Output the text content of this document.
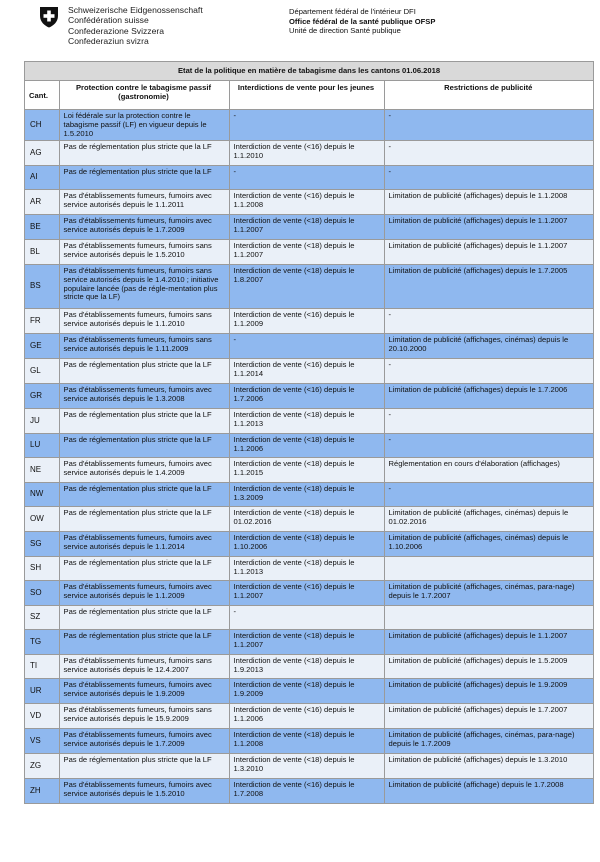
Schweizerische Eidgenossenschaft
Confédération suisse
Confederazione Svizzera
Confederaziun svizra
Département fédéral de l'intérieur DFI
Office fédéral de la santé publique OFSP
Unité de direction Santé publique
Etat de la politique en matière de tabagisme dans les cantons 01.06.2018			
Cant.	Protection contre le tabagisme passif (gastronomie)	Interdictions de vente pour les jeunes	Restrictions de publicité
CH	Loi fédérale sur la protection contre le tabagisme passif (LF) en vigueur depuis le 1.5.2010	-	-
AG	Pas de réglementation plus stricte que la LF	Interdiction de vente (<16) depuis le 1.1.2010	-
AI	Pas de réglementation plus stricte que la LF	-	-
AR	Pas d'établissements fumeurs, fumoirs avec service autorisés depuis le 1.1.2011	Interdiction de vente (<16) depuis le 1.1.2008	Limitation de publicité (affichages) depuis le 1.1.2008
BE	Pas d'établissements fumeurs, fumoirs avec service autorisés depuis le 1.7.2009	Interdiction de vente (<18) depuis le 1.1.2007	Limitation de publicité (affichages) depuis le 1.1.2007
BL	Pas d'établissements fumeurs, fumoirs sans service autorisés depuis le 1.5.2010	Interdiction de vente (<18) depuis le 1.1.2007	Limitation de publicité (affichages) depuis le 1.1.2007
BS	Pas d'établissements fumeurs, fumoirs sans service autorisés depuis le 1.4.2010 ; initiative populaire lancée (pas de régle-mentation plus stricte que la LF)	Interdiction de vente (<18) depuis le 1.8.2007	Limitation de publicité (affichages) depuis le 1.7.2005
FR	Pas d'établissements fumeurs, fumoirs sans service autorisés depuis le 1.1.2010	Interdiction de vente (<16) depuis le 1.1.2009	-
GE	Pas d'établissements fumeurs, fumoirs sans service autorisés depuis le 1.11.2009	-	Limitation de publicité (affichages, cinémas) depuis le 20.10.2000
GL	Pas de réglementation plus stricte que la LF	Interdiction de vente (<16) depuis le 1.1.2014	-
GR	Pas d'établissements fumeurs, fumoirs avec service autorisés depuis le 1.3.2008	Interdiction de vente (<16) depuis le 1.7.2006	Limitation de publicité (affichages) depuis le 1.7.2006
JU	Pas de réglementation plus stricte que la LF	Interdiction de vente (<18) depuis le 1.1.2013	-
LU	Pas de réglementation plus stricte que la LF	Interdiction de vente (<18) depuis le 1.1.2006	-
NE	Pas d'établissements fumeurs, fumoirs avec service autorisés depuis le 1.4.2009	Interdiction de vente (<18) depuis le 1.1.2015	Réglementation en cours d'élaboration (affichages)
NW	Pas de réglementation plus stricte que la LF	Interdiction de vente (<18) depuis le 1.3.2009	-
OW	Pas de réglementation plus stricte que la LF	Interdiction de vente (<18) depuis le 01.02.2016	Limitation de publicité (affichages, cinémas) depuis le 01.02.2016
SG	Pas d'établissements fumeurs, fumoirs avec service autorisés depuis le 1.1.2014	Interdiction de vente (<18) depuis le 1.10.2006	Limitation de publicité (affichages, cinémas) depuis le 1.10.2006
SH	Pas de réglementation plus stricte que la LF	Interdiction de vente (<18) depuis le 1.1.2013	
SO	Pas d'établissements fumeurs, fumoirs avec service autorisés depuis le 1.1.2009	Interdiction de vente (<16) depuis le 1.1.2007	Limitation de publicité (affichages, cinémas, para-nage) depuis le 1.7.2007
SZ	Pas de réglementation plus stricte que la LF	-	
TG	Pas de réglementation plus stricte que la LF	Interdiction de vente (<18) depuis le 1.1.2007	Limitation de publicité (affichages) depuis le 1.1.2007
TI	Pas d'établissements fumeurs, fumoirs sans service autorisés depuis le 12.4.2007	Interdiction de vente (<18) depuis le 1.9.2013	Limitation de publicité (affichages) depuis le 1.5.2009
UR	Pas d'établissements fumeurs, fumoirs avec service autorisés depuis le 1.9.2009	Interdiction de vente (<18) depuis le 1.9.2009	Limitation de publicité (affichages) depuis le 1.9.2009
VD	Pas d'établissements fumeurs, fumoirs sans service autorisés depuis le 15.9.2009	Interdiction de vente (<16) depuis le 1.1.2006	Limitation de publicité (affichages) depuis le 1.7.2007
VS	Pas d'établissements fumeurs, fumoirs avec service autorisés depuis le 1.7.2009	Interdiction de vente (<18) depuis le 1.1.2008	Limitation de publicité (affichages, cinémas, para-nage) depuis le 1.7.2009
ZG	Pas de réglementation plus stricte que la LF	Interdiction de vente (<18) depuis le 1.3.2010	Limitation de publicité (affichages) depuis le 1.3.2010
ZH	Pas d'établissements fumeurs, fumoirs avec service autorisés depuis le 1.5.2010	Interdiction de vente (<16) depuis le 1.7.2008	Limitation de publicité (affichage) depuis le 1.7.2008
